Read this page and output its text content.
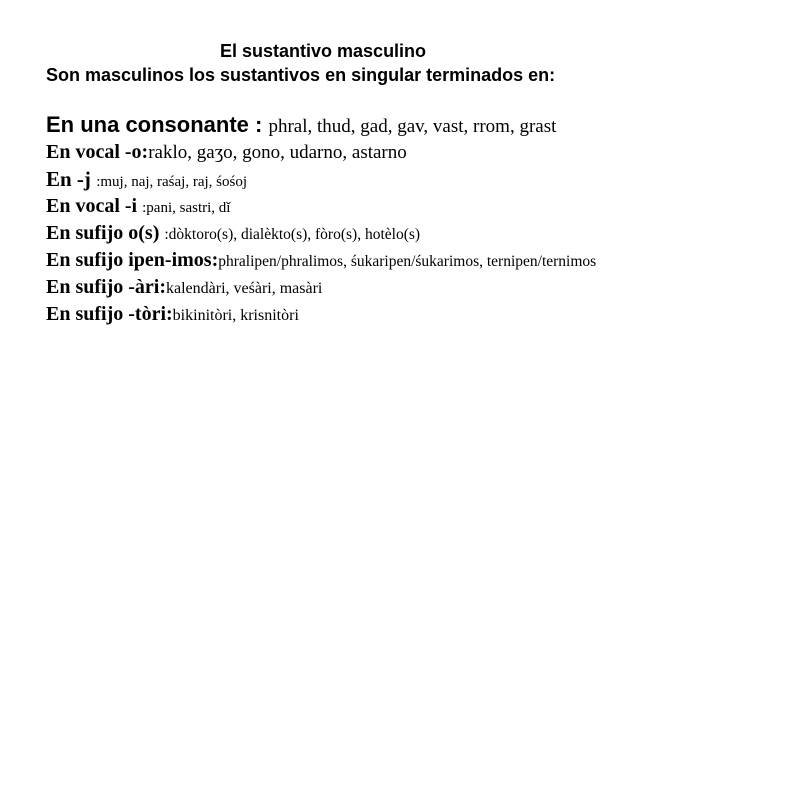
El sustantivo masculino
Son masculinos los sustantivos en singular terminados en:
En una consonante : phral, thud, gad, gav, vast, rrom, grast
En vocal -o:raklo, gaʒo, gono, udarno, astarno
En -j :muj, naj, raśaj, raj, śośoj
En vocal -i :pani, sastri, dǐ
En sufijo o(s) :dòktoro(s), dialèkto(s), fòro(s), hotèlo(s)
En sufijo ipen-imos:phralipen/phralimos, śukaripen/śukarimos, ternipen/ternimos
En sufijo -àri:kalendàri, veśàri, masàri
En sufijo -tòri:bikinitòri, krisnitòri
